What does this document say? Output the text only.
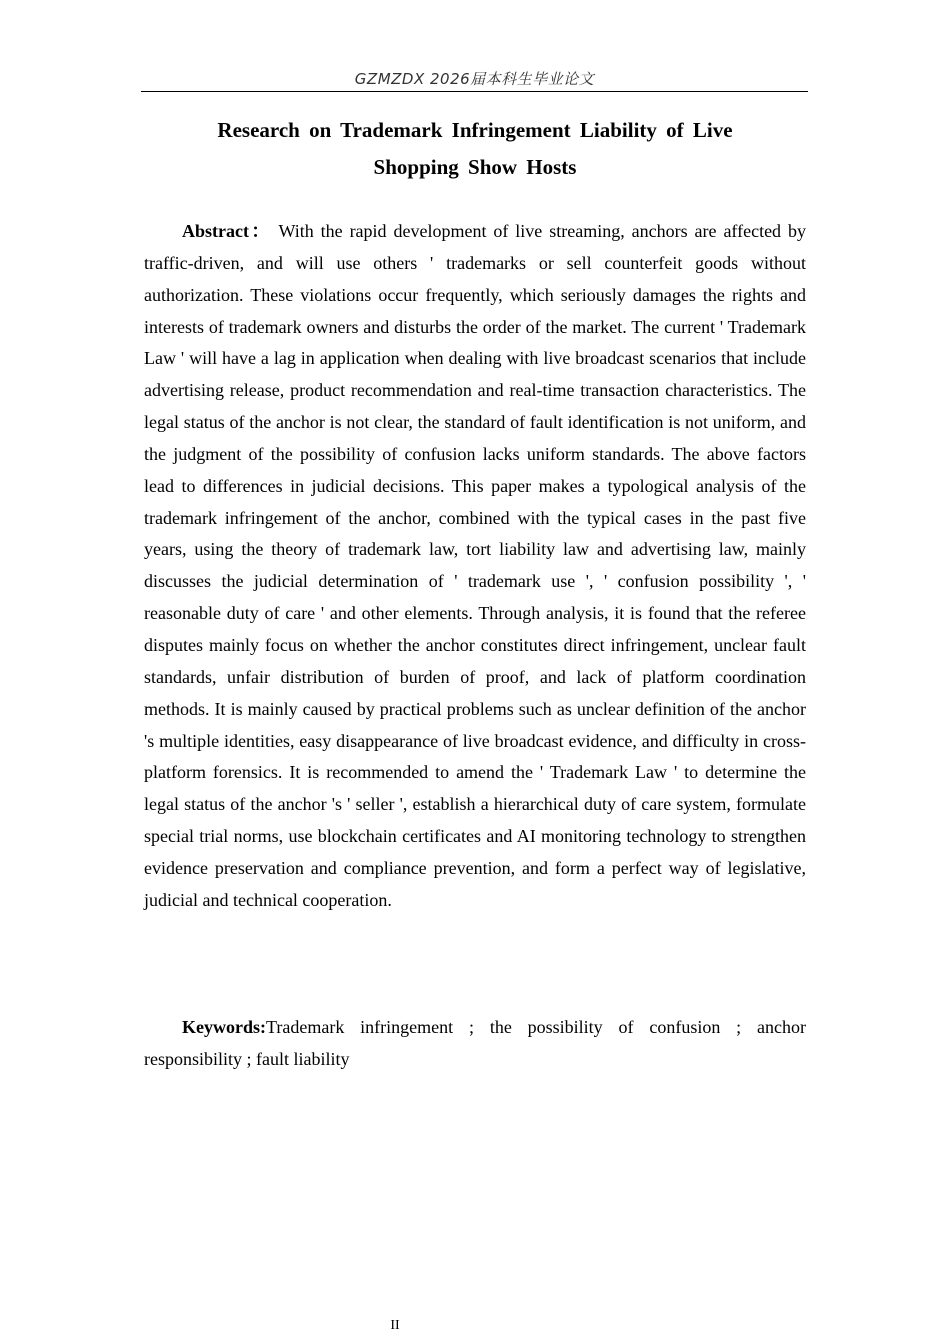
GZMZDX 2026届本科生毕业论文
Research on Trademark Infringement Liability of Live Shopping Show Hosts

Abstract： With the rapid development of live streaming, anchors are affected by traffic-driven, and will use others ' trademarks or sell counterfeit goods without authorization. These violations occur frequently, which seriously damages the rights and interests of trademark owners and disturbs the order of the market. The current ' Trademark Law ' will have a lag in application when dealing with live broadcast scenarios that include advertising release, product recommendation and real-time transaction characteristics. The legal status of the anchor is not clear, the standard of fault identification is not uniform, and the judgment of the possibility of confusion lacks uniform standards. The above factors lead to differences in judicial decisions. This paper makes a typological analysis of the trademark infringement of the anchor, combined with the typical cases in the past five years, using the theory of trademark law, tort liability law and advertising law, mainly discusses the judicial determination of ' trademark use ', ' confusion possibility ', ' reasonable duty of care ' and other elements. Through analysis, it is found that the referee disputes mainly focus on whether the anchor constitutes direct infringement, unclear fault standards, unfair distribution of burden of proof, and lack of platform coordination methods. It is mainly caused by practical problems such as unclear definition of the anchor 's multiple identities, easy disappearance of live broadcast evidence, and difficulty in cross-platform forensics. It is recommended to amend the ' Trademark Law ' to determine the legal status of the anchor 's ' seller ', establish a hierarchical duty of care system, formulate special trial norms, use blockchain certificates and AI monitoring technology to strengthen evidence preservation and compliance prevention, and form a perfect way of legislative, judicial and technical cooperation.

Keywords:Trademark infringement ; the possibility of confusion ; anchor responsibility ; fault liability

II
